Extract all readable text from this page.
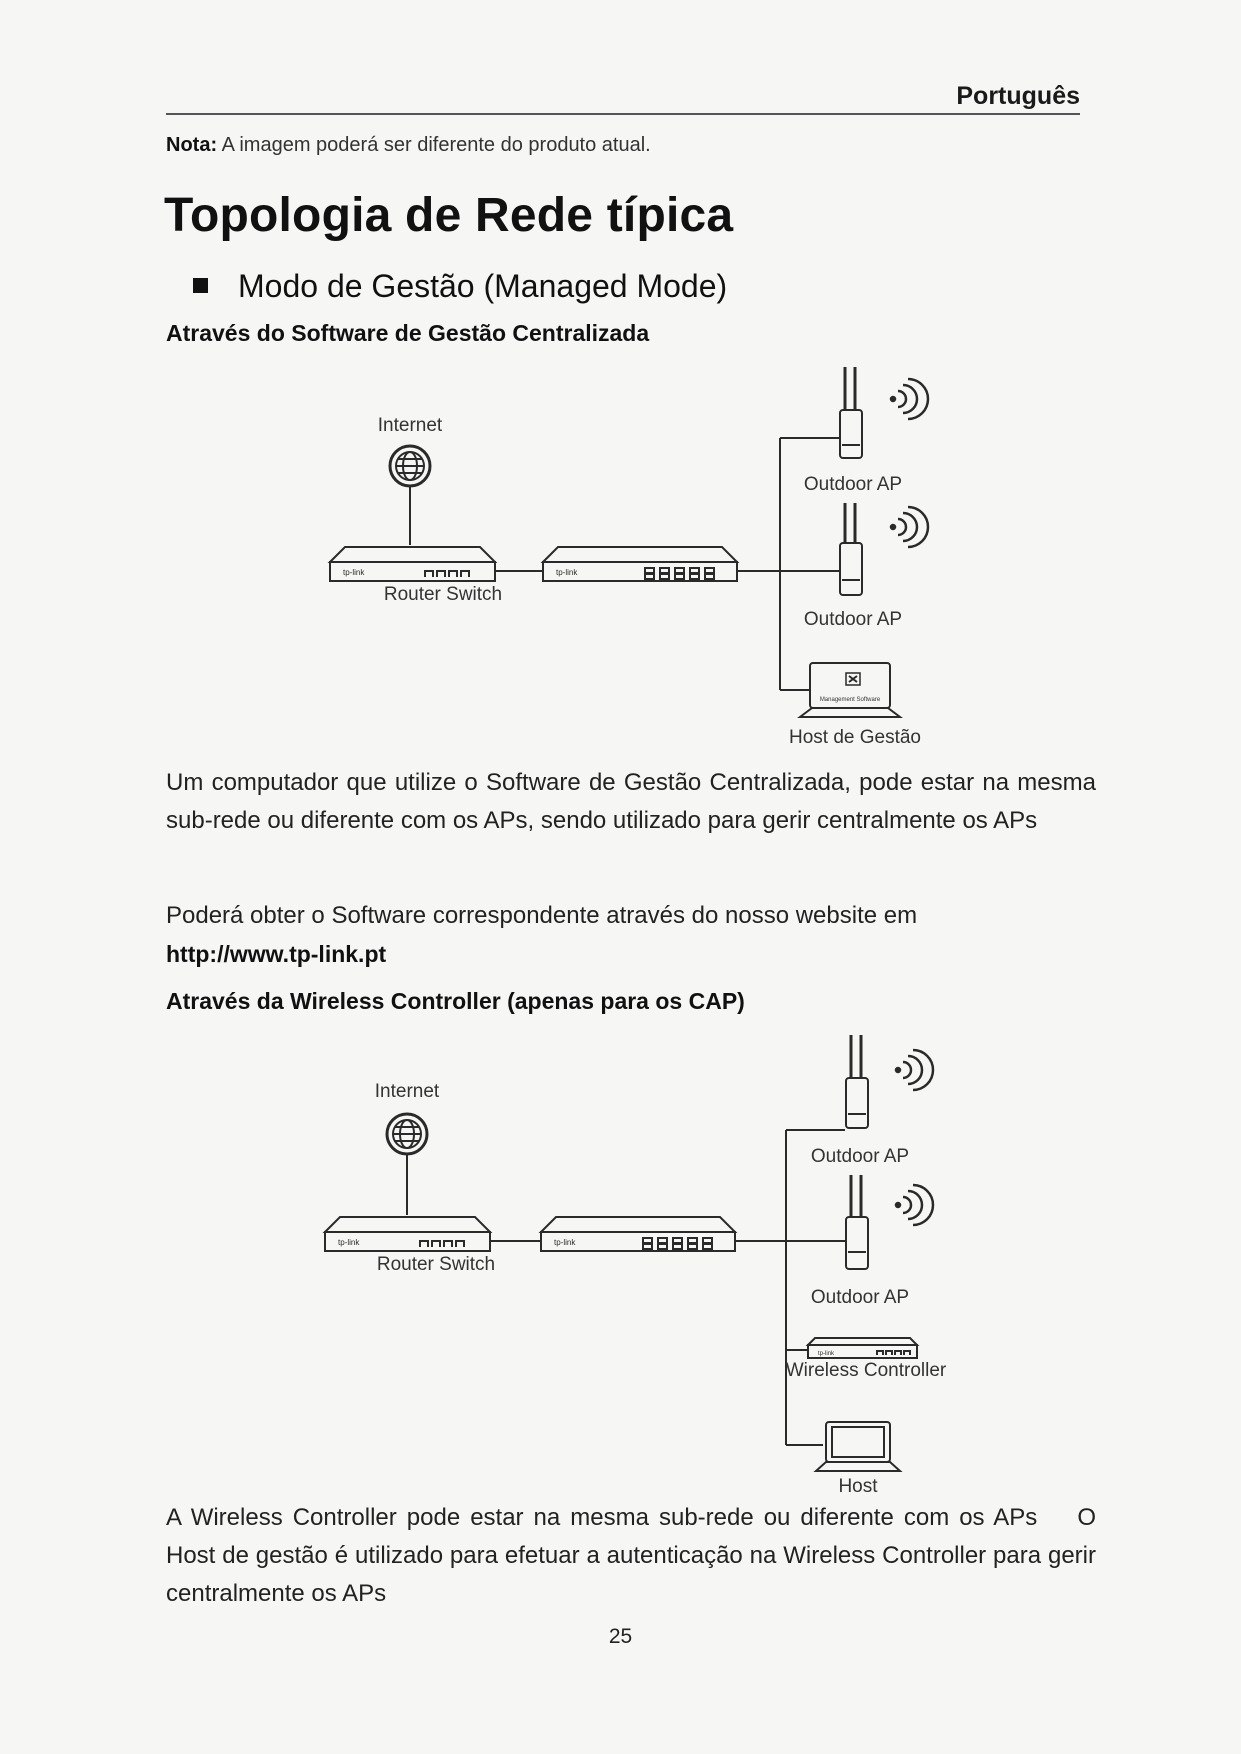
Português
Nota: A imagem poderá ser diferente do produto atual.
Topologia de Rede típica
Modo de Gestão (Managed Mode)
Através do Software de Gestão Centralizada
tp-link	tp-link
Internet
Router Switch
Outdoor AP
Outdoor AP
Management Software
Host de Gestão
Um computador que utilize o Software de Gestão Centralizada, pode estar na mesma sub-rede ou diferente com os APs, sendo utilizado para gerir centralmente os APs
Poderá obter o Software correspondente através do nosso website em
http://www.tp-link.pt
Através da Wireless Controller (apenas para os CAP)
tp-link	tp-link
tp-link
Internet
Router Switch
Outdoor AP
Outdoor AP
Wireless Controller
Host
A Wireless Controller pode estar na mesma sub-rede ou diferente com os APs    O Host de gestão é utilizado para efetuar a autenticação na Wireless Controller para gerir centralmente os APs
25
